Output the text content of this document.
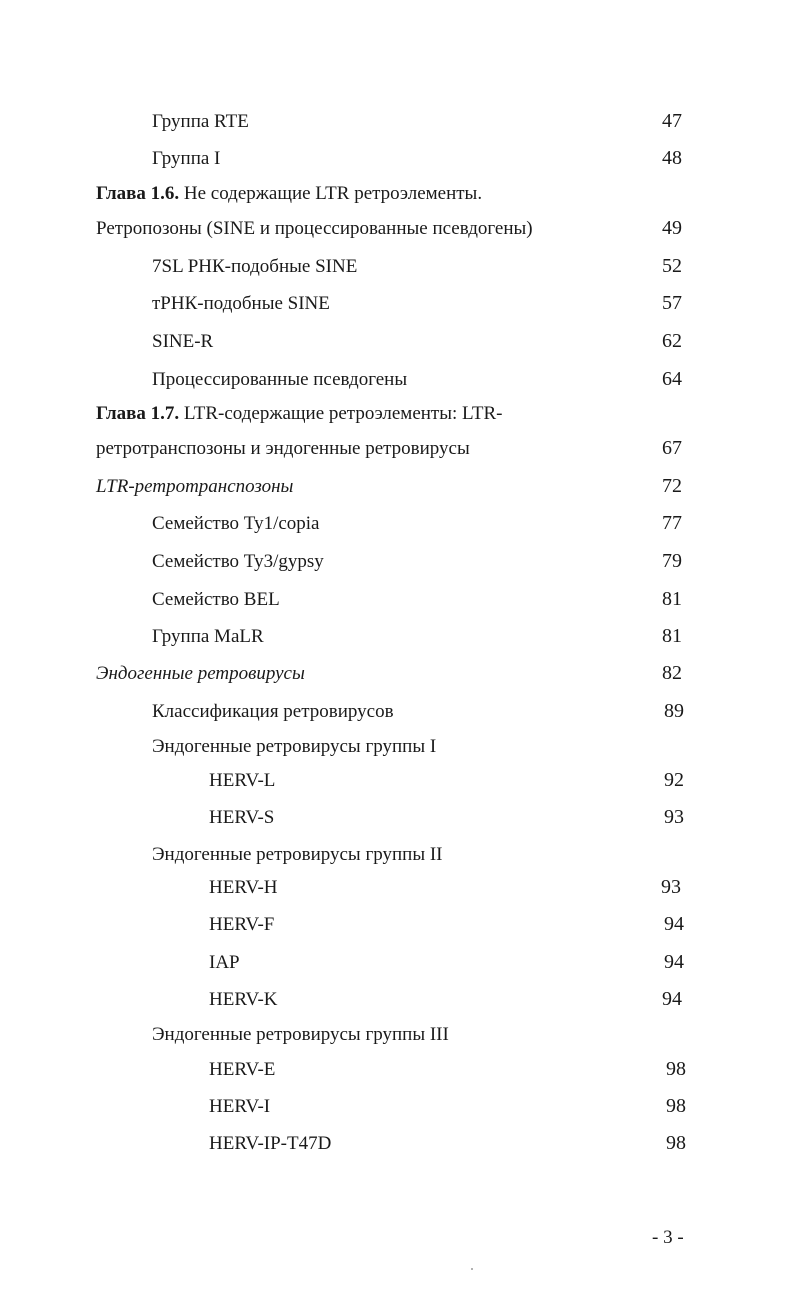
Группа RTE	47
Группа I	48
Глава 1.6. Не содержащие LTR ретроэлементы.
Ретропозоны (SINE и процессированные псевдогены)	49
7SL РНК-подобные SINE	52
тРНК-подобные SINE	57
SINE-R	62
Процессированные псевдогены	64
Глава 1.7. LTR-содержащие ретроэлементы: LTR-
ретротранспозоны и эндогенные ретровирусы	67
LTR-ретротранспозоны	72
Семейство Ty1/copia	77
Семейство Ty3/gypsy	79
Семейство BEL	81
Группа MaLR	81
Эндогенные ретровирусы	82
Классификация ретровирусов	89
Эндогенные ретровирусы группы I
HERV-L	92
HERV-S	93
Эндогенные ретровирусы группы II
HERV-H	93
HERV-F	94
IAP	94
HERV-K	94
Эндогенные ретровирусы группы III
HERV-E	98
HERV-I	98
HERV-IP-T47D	98
- 3 -
